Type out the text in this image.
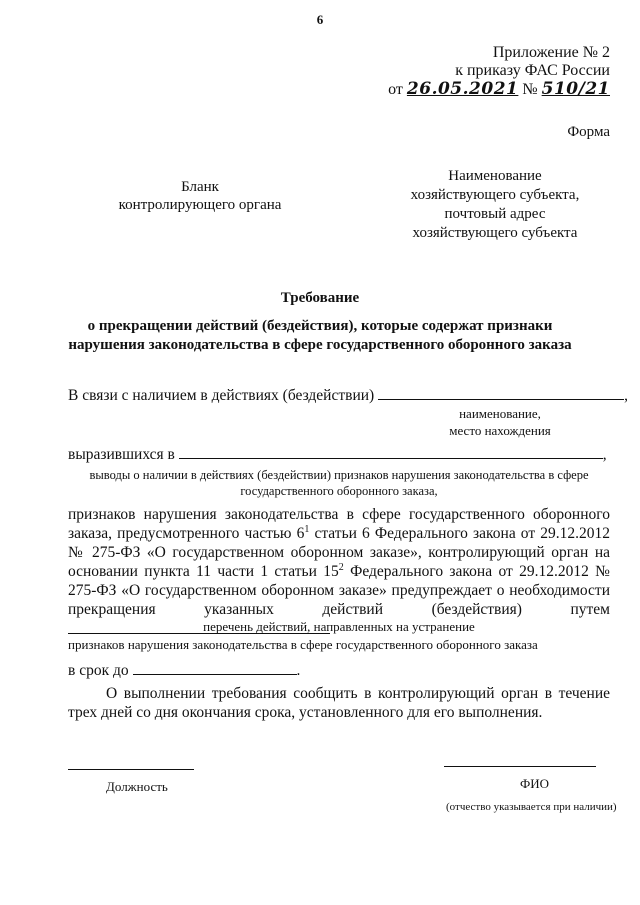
6
Приложение № 2
к приказу ФАС России
от 26.05.2021 № 510/21
Форма
Бланк
контролирующего органа
Наименование
хозяйствующего субъекта,
почтовый адрес
хозяйствующего субъекта
Требование
о прекращении действий (бездействия), которые содержат признаки
нарушения законодательства в сфере государственного оборонного заказа
В связи с наличием в действиях (бездействии)	,
наименование,
место нахождения
выразившихся в	,
выводы о наличии в действиях (бездействии) признаков нарушения законодательства в сфере
государственного оборонного заказа,
признаков нарушения законодательства в сфере государственного оборонного заказа, предусмотренного частью $6^1$ статьи 6 Федерального закона от 29.12.2012 № 275-ФЗ «О государственном оборонном заказе», контролирующий орган на основании пункта 11 части 1 статьи $15^2$ Федерального закона от 29.12.2012 № 275-ФЗ «О государственном оборонном заказе» предупреждает о необходимости прекращения указанных действий (бездействия) путем
перечень действий, направленных на устранение
признаков нарушения законодательства в сфере государственного оборонного заказа
в срок до	.
О выполнении требования сообщить в контролирующий орган в течение трех дней со дня окончания срока, установленного для его выполнения.
Должность	ФИО
(отчество указывается при наличии)
